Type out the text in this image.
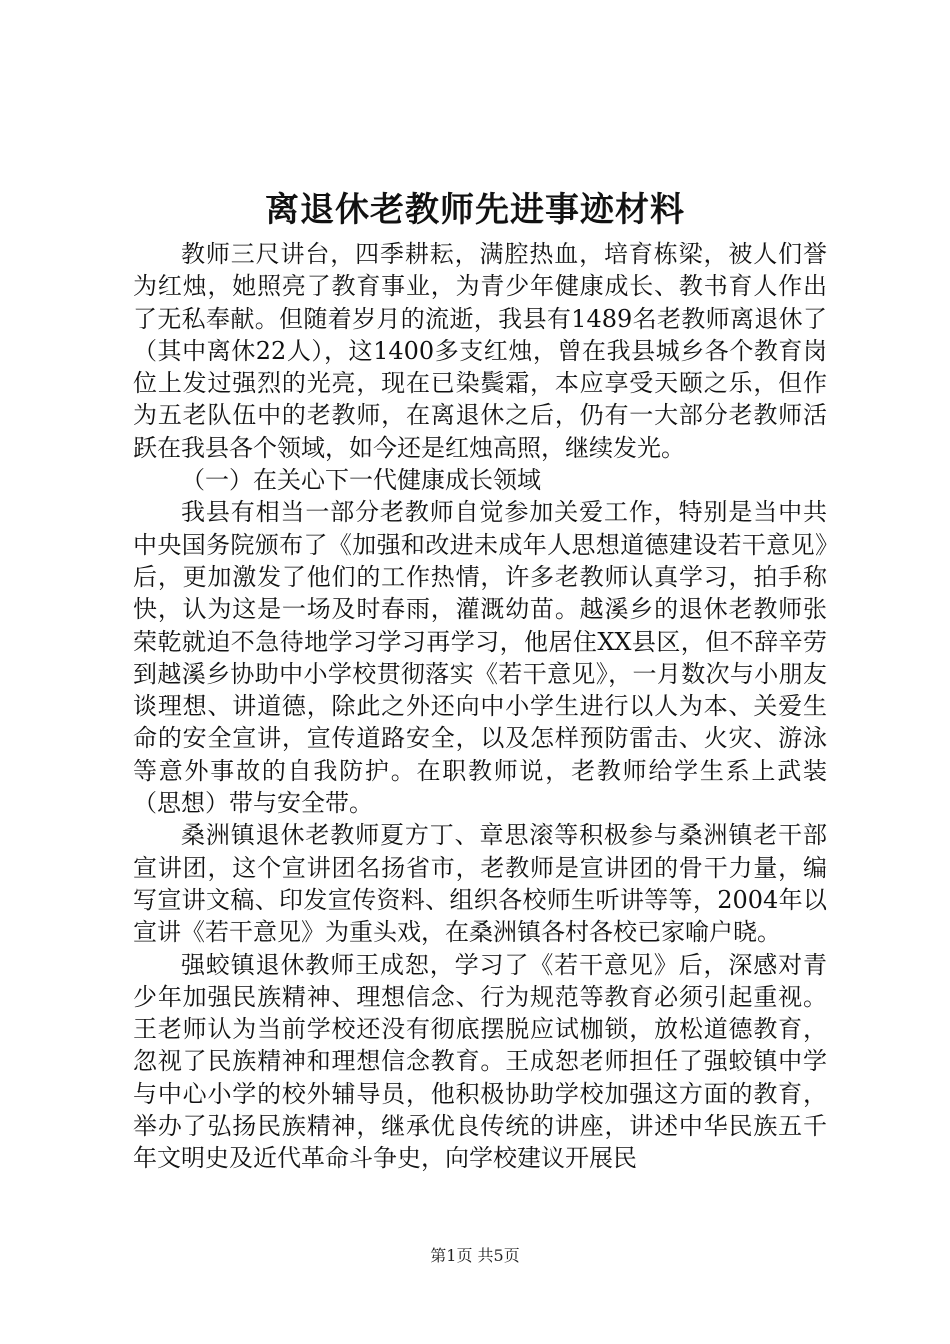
离退休老教师先进事迹材料

教师三尺讲台，四季耕耘，满腔热血，培育栋梁，被人们誉为红烛，她照亮了教育事业，为青少年健康成长、教书育人作出了无私奉献。但随着岁月的流逝，我县有1489名老教师离退休了（其中离休22人），这1400多支红烛，曾在我县城乡各个教育岗位上发过强烈的光亮，现在已染鬓霜，本应享受天颐之乐，但作为五老队伍中的老教师，在离退休之后，仍有一大部分老教师活跃在我县各个领域，如今还是红烛高照，继续发光。

（一）在关心下一代健康成长领域

我县有相当一部分老教师自觉参加关爱工作，特别是当中共中央国务院颁布了《加强和改进未成年人思想道德建设若干意见》后，更加激发了他们的工作热情，许多老教师认真学习，拍手称快，认为这是一场及时春雨，灌溉幼苗。越溪乡的退休老教师张荣乾就迫不急待地学习学习再学习，他居住XX县区，但不辞辛劳到越溪乡协助中小学校贯彻落实《若干意见》，一月数次与小朋友谈理想、讲道德，除此之外还向中小学生进行以人为本、关爱生命的安全宣讲，宣传道路安全，以及怎样预防雷击、火灾、游泳等意外事故的自我防护。在职教师说，老教师给学生系上武装（思想）带与安全带。

桑洲镇退休老教师夏方丁、章思滚等积极参与桑洲镇老干部宣讲团，这个宣讲团名扬省市，老教师是宣讲团的骨干力量，编写宣讲文稿、印发宣传资料、组织各校师生听讲等等，2004年以宣讲《若干意见》为重头戏，在桑洲镇各村各校已家喻户晓。

强蛟镇退休教师王成恕，学习了《若干意见》后，深感对青少年加强民族精神、理想信念、行为规范等教育必须引起重视。王老师认为当前学校还没有彻底摆脱应试枷锁，放松道德教育，忽视了民族精神和理想信念教育。王成恕老师担任了强蛟镇中学与中心小学的校外辅导员，他积极协助学校加强这方面的教育，举办了弘扬民族精神，继承优良传统的讲座，讲述中华民族五千年文明史及近代革命斗争史，向学校建议开展民

第1页 共5页
